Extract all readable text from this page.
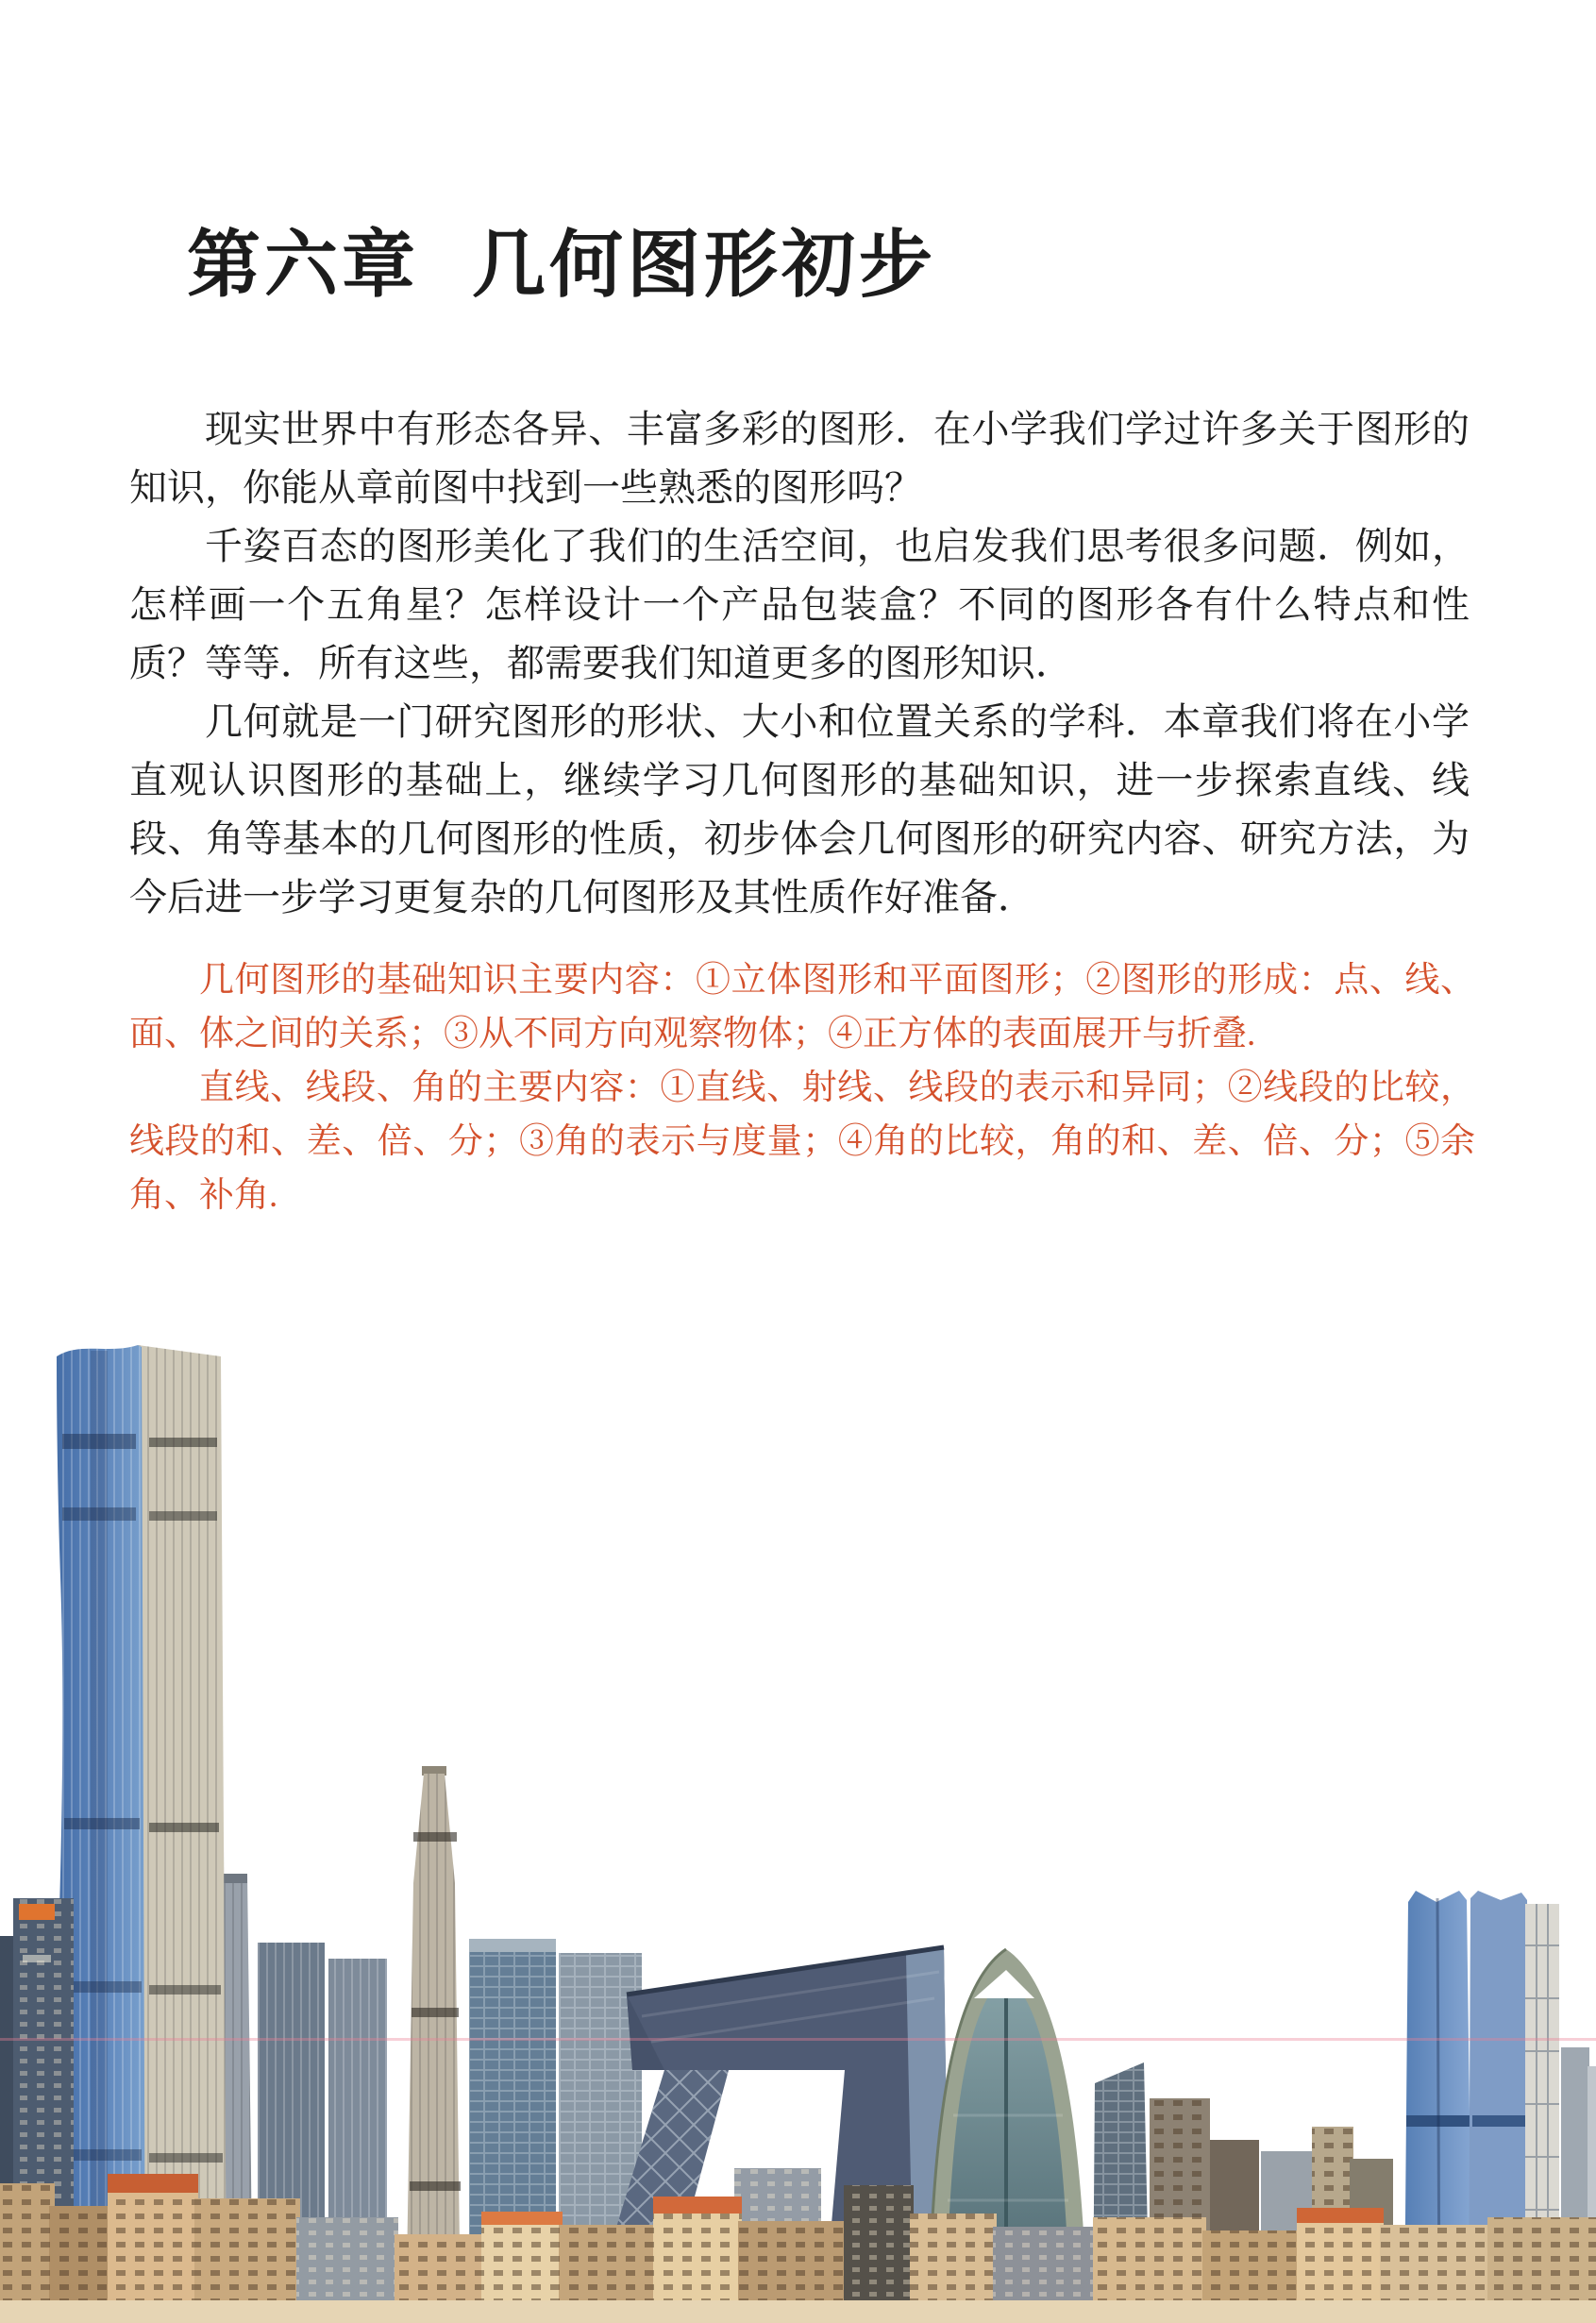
第六章 几何图形初步

现实世界中有形态各异、丰富多彩的图形．在小学我们学过许多关于图形的知识，你能从章前图中找到一些熟悉的图形吗？

千姿百态的图形美化了我们的生活空间，也启发我们思考很多问题．例如，怎样画一个五角星？怎样设计一个产品包装盒？不同的图形各有什么特点和性质？等等．所有这些，都需要我们知道更多的图形知识．

几何就是一门研究图形的形状、大小和位置关系的学科．本章我们将在小学直观认识图形的基础上，继续学习几何图形的基础知识，进一步探索直线、线段、角等基本的几何图形的性质，初步体会几何图形的研究内容、研究方法，为今后进一步学习更复杂的几何图形及其性质作好准备．

几何图形的基础知识主要内容：①立体图形和平面图形；②图形的形成：点、线、面、体之间的关系；③从不同方向观察物体；④正方体的表面展开与折叠.

直线、线段、角的主要内容：①直线、射线、线段的表示和异同；②线段的比较，线段的和、差、倍、分；③角的表示与度量；④角的比较，角的和、差、倍、分；⑤余角、补角.
